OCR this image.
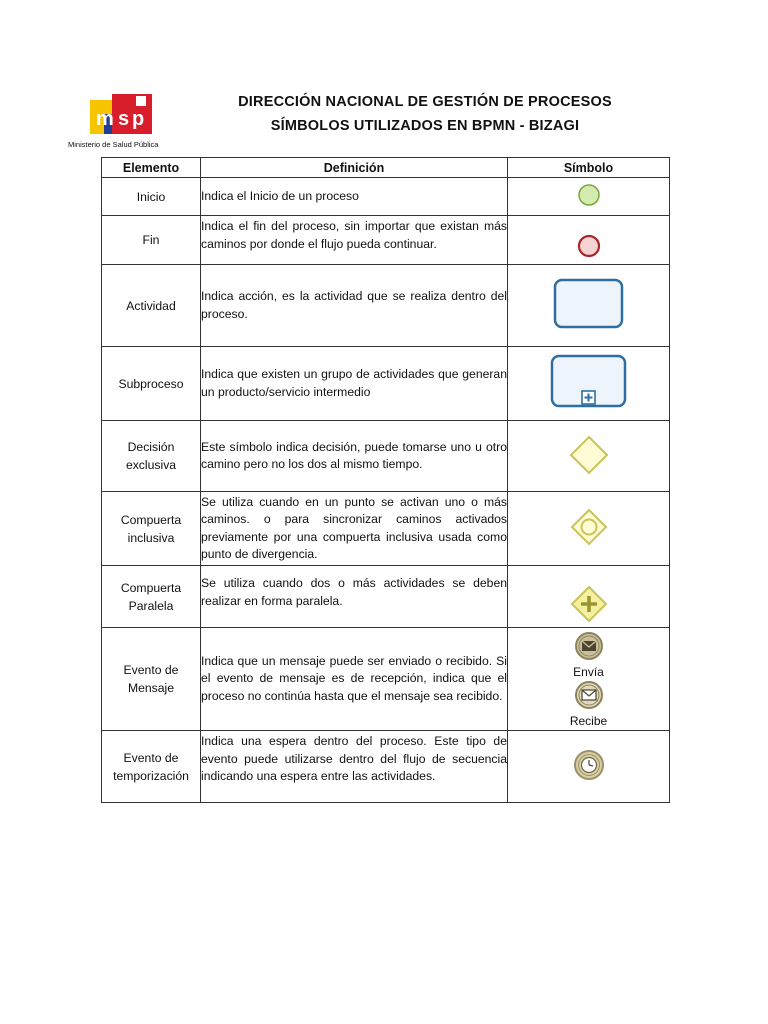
m s p
Ministerio de Salud Pública
DIRECCIÓN NACIONAL DE GESTIÓN DE PROCESOS
SÍMBOLOS UTILIZADOS EN BPMN - BIZAGI
Elemento	Definición	Símbolo
Inicio	Indica el Inicio de un proceso	
Fin	Indica el fin del proceso, sin importar que existan más caminos por donde el flujo pueda continuar.	
Actividad	Indica acción, es la actividad que se realiza dentro del proceso.	
Subproceso	Indica que existen un grupo de actividades que generan un producto/servicio intermedio	
Decisión exclusiva	Este símbolo indica decisión, puede tomarse uno u otro camino pero no los dos al mismo tiempo.	
Compuerta inclusiva	Se utiliza cuando en un punto se activan uno o más caminos. o para sincronizar caminos activados previamente por una compuerta inclusiva usada como punto de divergencia.	
Compuerta Paralela	Se utiliza cuando dos o más actividades se deben realizar en forma paralela.	
Evento de Mensaje	Indica que un mensaje puede ser enviado o recibido. Si el evento de mensaje es de recepción, indica que el proceso no continúa hasta que el mensaje sea recibido.	Envía
Recibe

Evento de temporización	Indica una espera dentro del proceso. Este tipo de evento puede utilizarse dentro del flujo de secuencia indicando una espera entre las actividades.	
